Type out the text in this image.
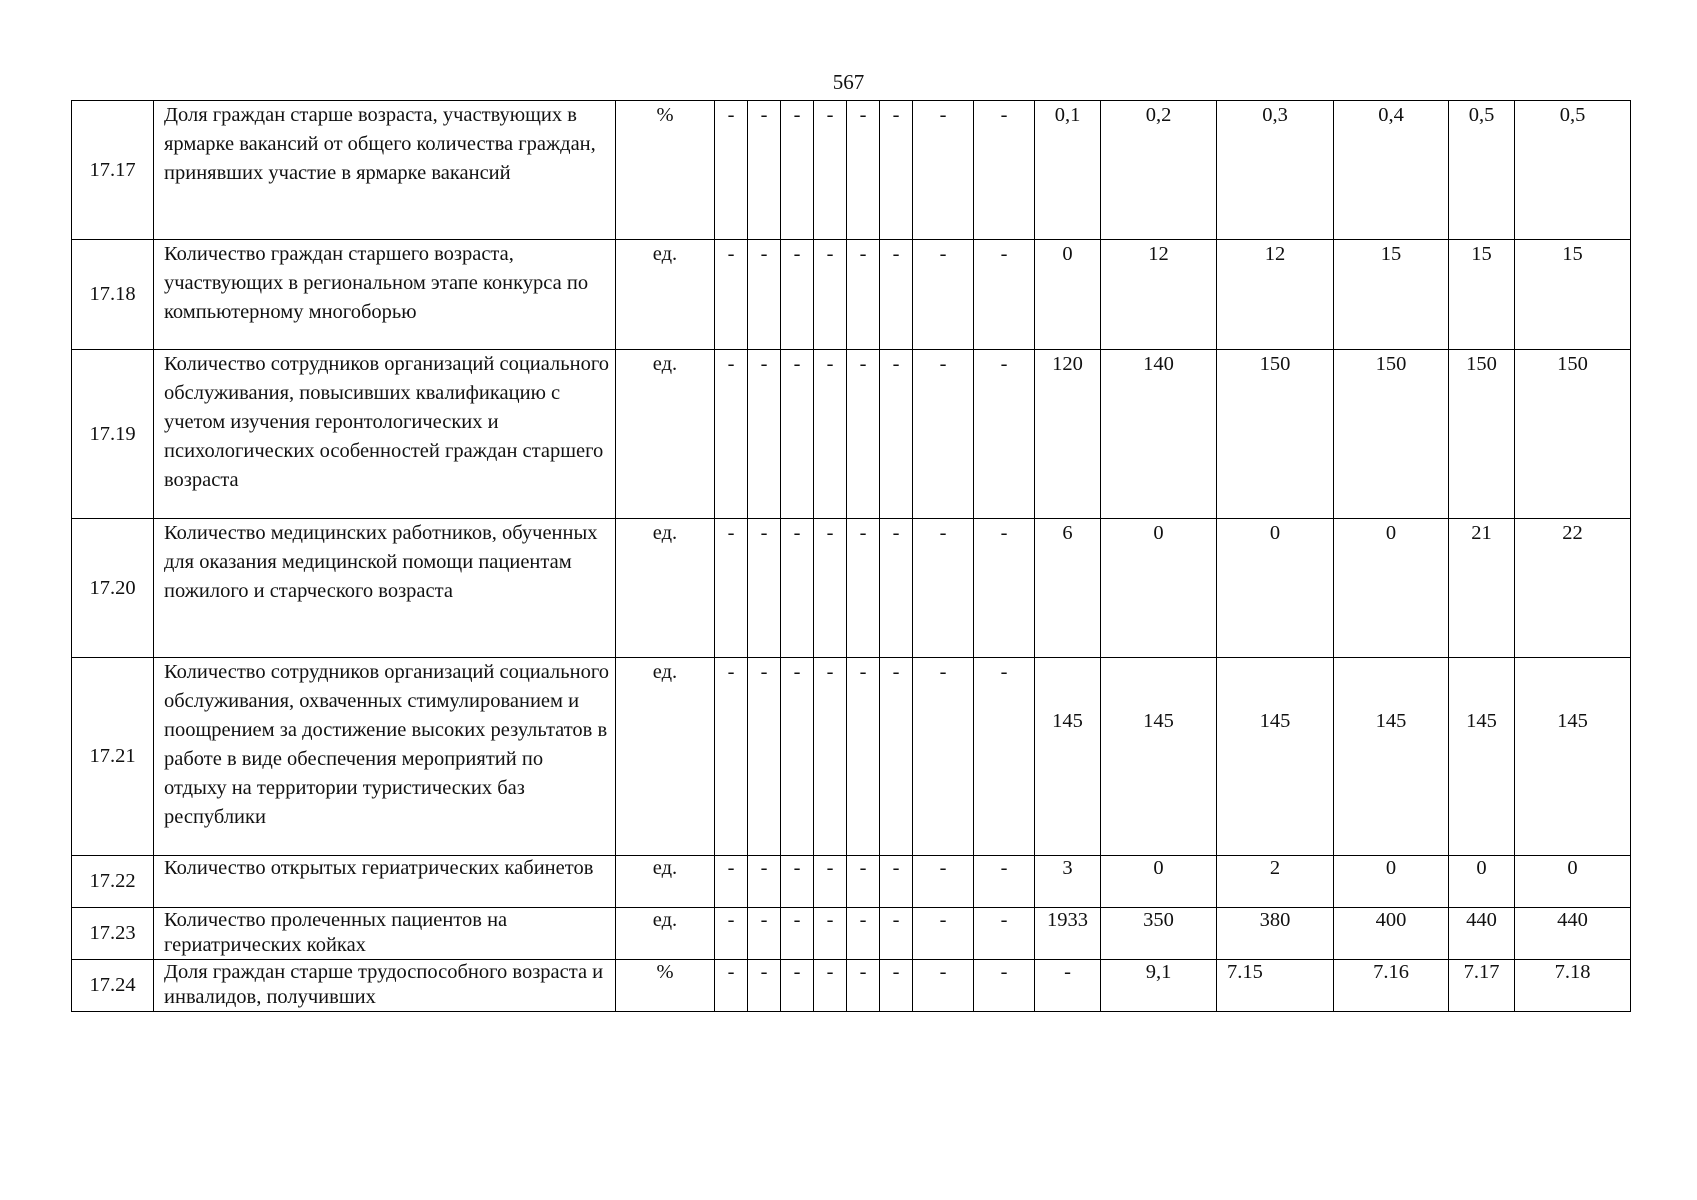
567
17.17	Доля граждан старше возраста, участвующих в ярмарке вакансий от общего количества граждан, принявших участие в ярмарке вакансий	%	-	-	-	-	-	-	-	-	0,1	0,2	0,3	0,4	0,5	0,5
17.18	Количество граждан старшего возраста, участвующих в региональном этапе конкурса по компьютерному многоборью	ед.	-	-	-	-	-	-	-	-	0	12	12	15	15	15
17.19	Количество сотрудников организаций социального обслуживания, повысивших квалификацию с учетом изучения геронтологических и психологических особенностей граждан старшего возраста	ед.	-	-	-	-	-	-	-	-	120	140	150	150	150	150
17.20	Количество медицинских работников, обученных для оказания медицинской помощи пациентам пожилого и старческого возраста	ед.	-	-	-	-	-	-	-	-	6	0	0	0	21	22
17.21	Количество сотрудников организаций социального обслуживания, охваченных стимулированием и поощрением за достижение высоких результатов в работе в виде обеспечения мероприятий по отдыху на территории туристических баз республики	ед.	-	-	-	-	-	-	-	-	145	145	145	145	145	145
17.22	Количество открытых гериатрических кабинетов	ед.	-	-	-	-	-	-	-	-	3	0	2	0	0	0
17.23	Количество пролеченных пациентов на гериатрических койках	ед.	-	-	-	-	-	-	-	-	1933	350	380	400	440	440
17.24	Доля граждан старше трудоспособного возраста и инвалидов, получивших	%	-	-	-	-	-	-	-	-	-	9,1	7.15	7.16	7.17	7.18
